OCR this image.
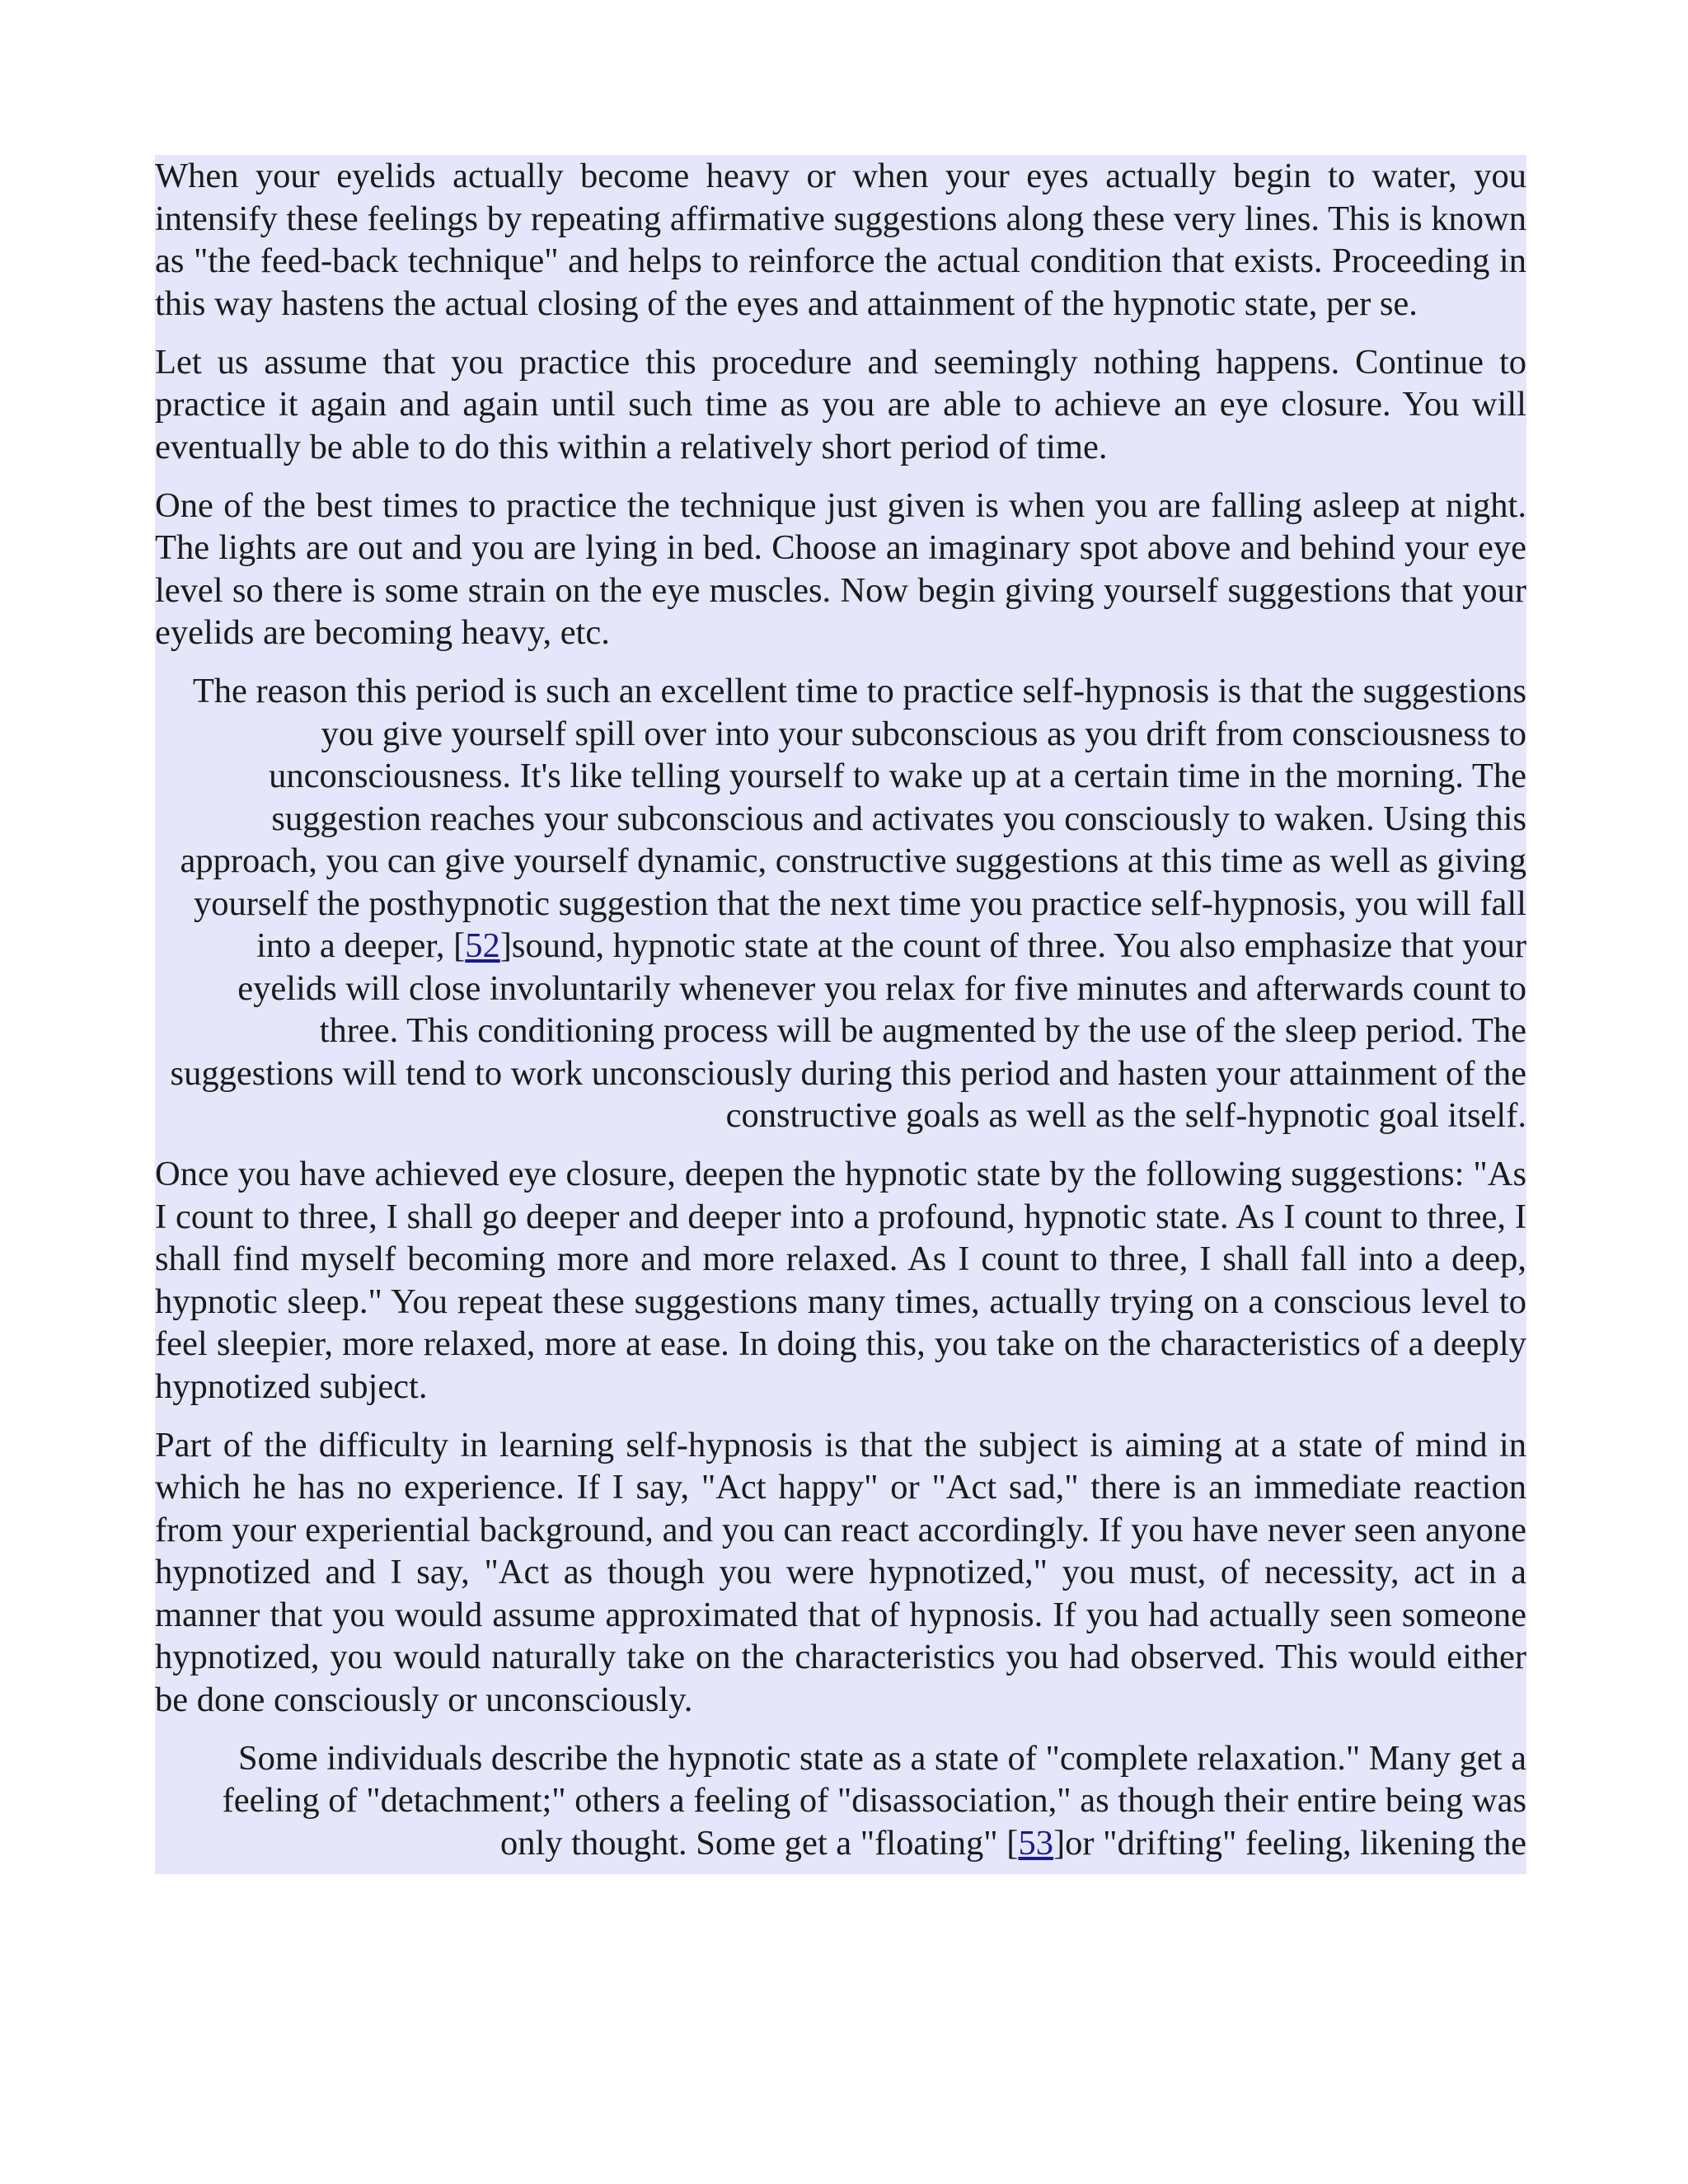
When your eyelids actually become heavy or when your eyes actually begin to water, you intensify these feelings by repeating affirmative suggestions along these very lines. This is known as "the feed-back technique" and helps to reinforce the actual condition that exists. Proceeding in this way hastens the actual closing of the eyes and attainment of the hypnotic state, per se.

Let us assume that you practice this procedure and seemingly nothing happens. Continue to practice it again and again until such time as you are able to achieve an eye closure. You will eventually be able to do this within a relatively short period of time.

One of the best times to practice the technique just given is when you are falling asleep at night. The lights are out and you are lying in bed. Choose an imaginary spot above and behind your eye level so there is some strain on the eye muscles. Now begin giving yourself suggestions that your eyelids are becoming heavy, etc.

The reason this period is such an excellent time to practice self-hypnosis is that the suggestions you give yourself spill over into your subconscious as you drift from consciousness to unconsciousness. It's like telling yourself to wake up at a certain time in the morning. The suggestion reaches your subconscious and activates you consciously to waken. Using this approach, you can give yourself dynamic, constructive suggestions at this time as well as giving yourself the posthypnotic suggestion that the next time you practice self-hypnosis, you will fall into a deeper, [52]sound, hypnotic state at the count of three. You also emphasize that your eyelids will close involuntarily whenever you relax for five minutes and afterwards count to three. This conditioning process will be augmented by the use of the sleep period. The suggestions will tend to work unconsciously during this period and hasten your attainment of the constructive goals as well as the self-hypnotic goal itself.

Once you have achieved eye closure, deepen the hypnotic state by the following suggestions: "As I count to three, I shall go deeper and deeper into a profound, hypnotic state. As I count to three, I shall find myself becoming more and more relaxed. As I count to three, I shall fall into a deep, hypnotic sleep." You repeat these suggestions many times, actually trying on a conscious level to feel sleepier, more relaxed, more at ease. In doing this, you take on the characteristics of a deeply hypnotized subject.

Part of the difficulty in learning self-hypnosis is that the subject is aiming at a state of mind in which he has no experience. If I say, "Act happy" or "Act sad," there is an immediate reaction from your experiential background, and you can react accordingly. If you have never seen anyone hypnotized and I say, "Act as though you were hypnotized," you must, of necessity, act in a manner that you would assume approximated that of hypnosis. If you had actually seen someone hypnotized, you would naturally take on the characteristics you had observed. This would either be done consciously or unconsciously.

Some individuals describe the hypnotic state as a state of "complete relaxation." Many get a feeling of "detachment;" others a feeling of "disassociation," as though their entire being was only thought. Some get a "floating" [53]or "drifting" feeling, likening the
